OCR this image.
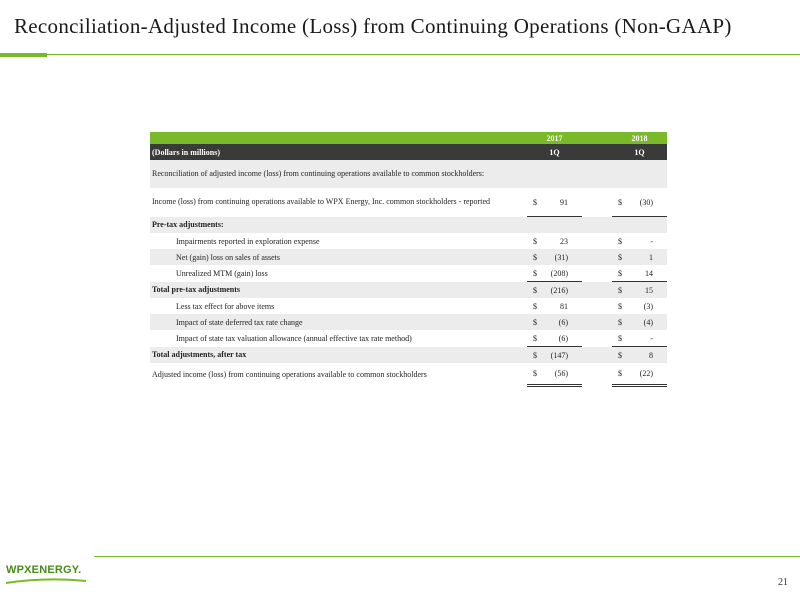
Reconciliation-Adjusted Income (Loss) from Continuing Operations (Non-GAAP)
	2017		2018
(Dollars in millions)	1Q		1Q
Reconciliation of adjusted income (loss) from continuing operations available to common stockholders:			
Income (loss) from continuing operations available to WPX Energy, Inc. common stockholders - reported	$ 91		$ (30)

Pre-tax adjustments:			
Impairments reported in exploration expense	$ 23		$ -

Net (gain) loss on sales of assets	$ (31)		$ 1

Unrealized MTM (gain) loss	$ (208)		$ 14

Total pre-tax adjustments	$ (216)		$ 15

Less tax effect for above items	$ 81		$ (3)

Impact of state deferred tax rate change	$ (6)		$ (4)

Impact of state tax valuation allowance (annual effective tax rate method)	$ (6)		$ -

Total adjustments, after tax	$ (147)		$ 8

Adjusted income (loss) from continuing operations available to common stockholders	$ (56)		$ (22)
WPXENERGY.
21
